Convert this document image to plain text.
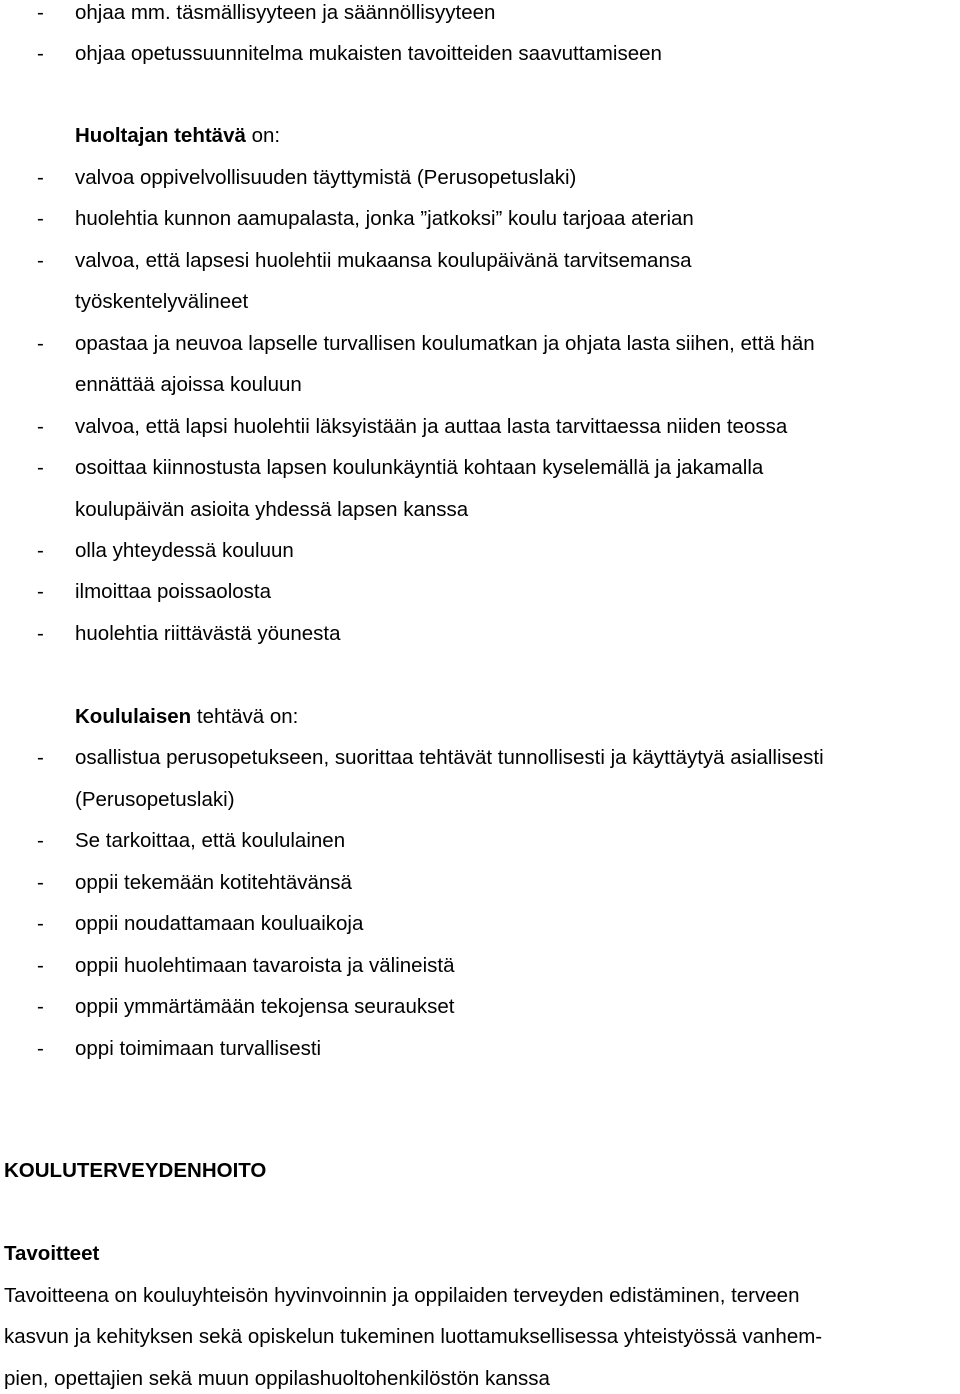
- ohjaa mm. täsmällisyyteen ja säännöllisyyteen
- ohjaa opetussuunnitelma mukaisten tavoitteiden saavuttamiseen
Huoltajan tehtävä on:
- valvoa oppivelvollisuuden täyttymistä (Perusopetuslaki)
- huolehtia kunnon aamupalasta, jonka ”jatkoksi” koulu tarjoaa aterian
- valvoa, että lapsesi huolehtii mukaansa koulupäivänä tarvitsemansa
työskentelyvälineet
- opastaa ja neuvoa lapselle turvallisen koulumatkan ja ohjata lasta siihen, että hän
ennättää ajoissa kouluun
- valvoa, että lapsi huolehtii läksyistään ja auttaa lasta tarvittaessa niiden teossa
- osoittaa kiinnostusta lapsen koulunkäyntiä kohtaan kyselemällä ja jakamalla
koulupäivän asioita yhdessä lapsen kanssa
- olla yhteydessä kouluun
- ilmoittaa poissaolosta
- huolehtia riittävästä yöunesta
Koululaisen tehtävä on:
- osallistua perusopetukseen, suorittaa tehtävät tunnollisesti ja käyttäytyä asiallisesti
(Perusopetuslaki)
- Se tarkoittaa, että koululainen
- oppii tekemään kotitehtävänsä
- oppii noudattamaan kouluaikoja
- oppii huolehtimaan tavaroista ja välineistä
- oppii ymmärtämään tekojensa seuraukset
- oppi toimimaan turvallisesti
KOULUTERVEYDENHOITO
Tavoitteet
Tavoitteena on kouluyhteisön hyvinvoinnin ja oppilaiden terveyden edistäminen, terveen
kasvun ja kehityksen sekä opiskelun tukeminen luottamuksellisessa yhteistyössä vanhem-
pien, opettajien sekä muun oppilashuoltohenkilöstön kanssa
